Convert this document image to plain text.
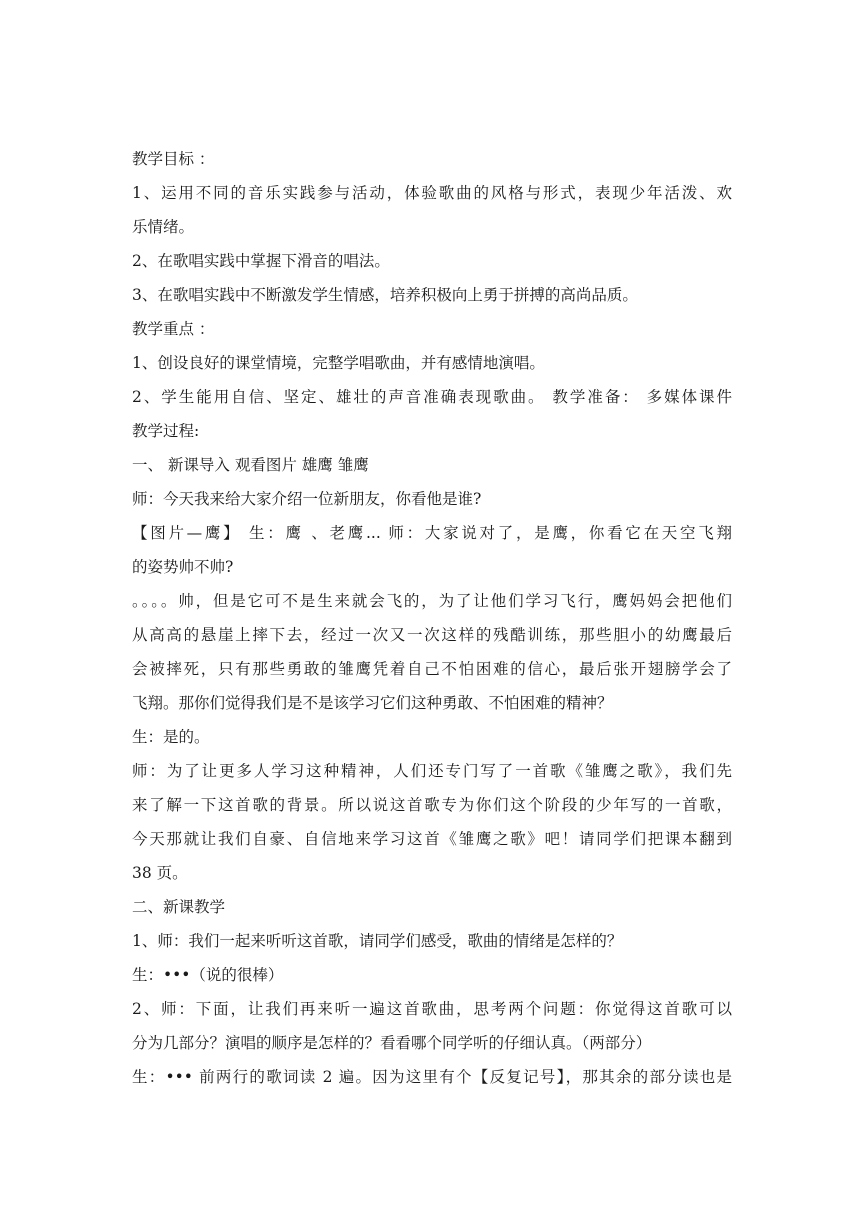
教学目标 ：
1、运用不同的音乐实践参与活动，体验歌曲的风格与形式，表现少年活泼、欢
乐情绪。
2、在歌唱实践中掌握下滑音的唱法。
3、在歌唱实践中不断激发学生情感，培养积极向上勇于拼搏的高尚品质。
教学重点 ：
1、创设良好的课堂情境，完整学唱歌曲，并有感情地演唱。
2、学生能用自信、坚定、雄壮的声音准确表现歌曲。 教学准备： 多媒体课件
教学过程:
一、 新课导入 观看图片 雄鹰 雏鹰
师：今天我来给大家介绍一位新朋友，你看他是谁?
【图片—鹰】 生：鹰 、老鹰... 师：大家说对了，是鹰，你看它在天空飞翔
的姿势帅不帅?
。。。。帅，但是它可不是生来就会飞的，为了让他们学习飞行，鹰妈妈会把他们
从高高的悬崖上摔下去，经过一次又一次这样的残酷训练，那些胆小的幼鹰最后
会被摔死，只有那些勇敢的雏鹰凭着自己不怕困难的信心，最后张开翅膀学会了
飞翔。那你们觉得我们是不是该学习它们这种勇敢、不怕困难的精神？
生：是的。
师：为了让更多人学习这种精神，人们还专门写了一首歌《雏鹰之歌》，我们先
来了解一下这首歌的背景。所以说这首歌专为你们这个阶段的少年写的一首歌，
今天那就让我们自豪、自信地来学习这首《雏鹰之歌》吧！请同学们把课本翻到
38 页。
二、新课教学
1、师：我们一起来听听这首歌，请同学们感受，歌曲的情绪是怎样的？
生：•••（说的很棒）
2、师：下面，让我们再来听一遍这首歌曲，思考两个问题：你觉得这首歌可以
分为几部分？演唱的顺序是怎样的？看看哪个同学听的仔细认真。（两部分）
生：••• 前两行的歌词读 2 遍。因为这里有个【反复记号】，那其余的部分读也是
